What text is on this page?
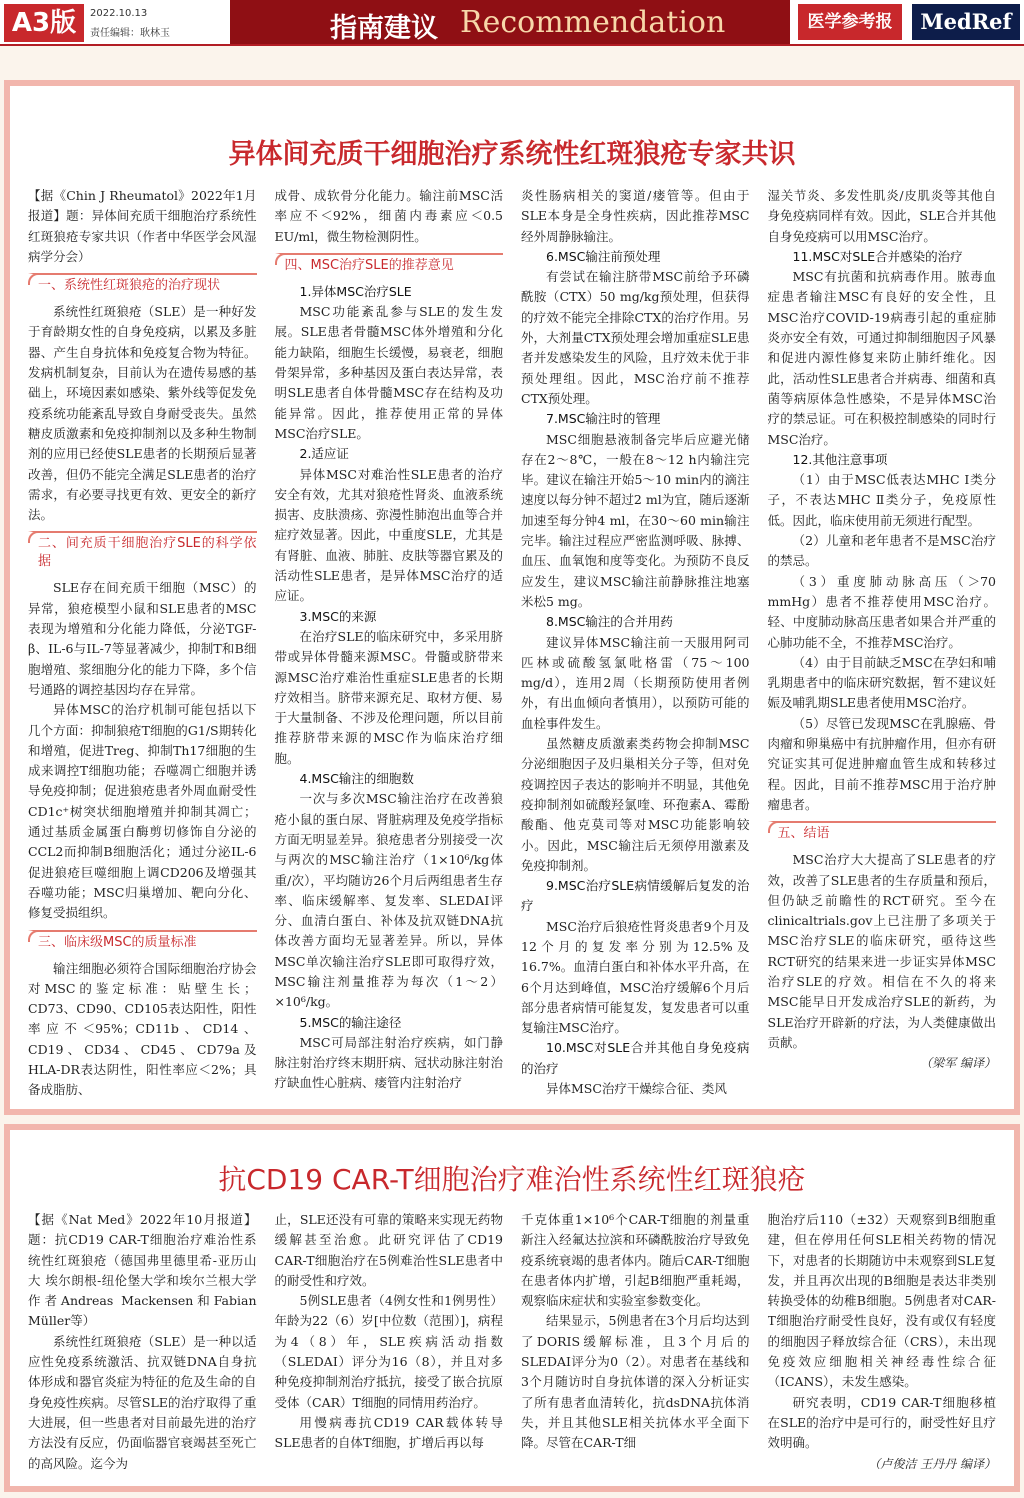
A3版	2022.10.13
责任编辑：耿林玉	指南建议 Recommendation	医学参考报	MedRef
异体间充质干细胞治疗系统性红斑狼疮专家共识

【据《Chin J Rheumatol》2022年1月报道】题：异体间充质干细胞治疗系统性红斑狼疮专家共识（作者中华医学会风湿病学分会）

一、系统性红斑狼疮的治疗现状

系统性红斑狼疮（SLE）是一种好发于育龄期女性的自身免疫病，以累及多脏器、产生自身抗体和免疫复合物为特征。发病机制复杂，目前认为在遗传易感的基础上，环境因素如感染、紫外线等促发免疫系统功能紊乱导致自身耐受丧失。虽然糖皮质激素和免疫抑制剂以及多种生物制剂的应用已经使SLE患者的长期预后显著改善，但仍不能完全满足SLE患者的治疗需求，有必要寻找更有效、更安全的新疗法。

二、间充质干细胞治疗SLE的科学依据

SLE存在间充质干细胞（MSC）的异常，狼疮模型小鼠和SLE患者的MSC表现为增殖和分化能力降低，分泌TGF-β、IL-6与IL-7等显著减少，抑制T和B细胞增殖、浆细胞分化的能力下降，多个信号通路的调控基因均存在异常。

异体MSC的治疗机制可能包括以下几个方面：抑制狼疮T细胞的G1/S期转化和增殖，促进Treg、抑制Th17细胞的生成来调控T细胞功能；吞噬凋亡细胞并诱导免疫抑制；促进狼疮患者外周血耐受性CD1c⁺树突状细胞增殖并抑制其凋亡；通过基质金属蛋白酶剪切修饰自分泌的CCL2而抑制B细胞活化；通过分泌IL-6促进狼疮巨噬细胞上调CD206及增强其吞噬功能；MSC归巢增加、靶向分化、修复受损组织。

三、临床级MSC的质量标准

输注细胞必须符合国际细胞治疗协会对MSC的鉴定标准：贴壁生长；CD73、CD90、CD105表达阳性，阳性率应不＜95%；CD11b、CD14、CD19、CD34、CD45、CD79a及HLA-DR表达阴性，阳性率应＜2%；具备成脂肪、

成骨、成软骨分化能力。输注前MSC活率应不＜92%，细菌内毒素应＜0.5 EU/ml，微生物检测阴性。

四、MSC治疗SLE的推荐意见

1.异体MSC治疗SLE

MSC功能紊乱参与SLE的发生发展。SLE患者骨髓MSC体外增殖和分化能力缺陷，细胞生长缓慢，易衰老，细胞骨架异常，多种基因及蛋白表达异常，表明SLE患者自体骨髓MSC存在结构及功能异常。因此，推荐使用正常的异体MSC治疗SLE。

2.适应证

异体MSC对难治性SLE患者的治疗安全有效，尤其对狼疮性肾炎、血液系统损害、皮肤溃疡、弥漫性肺泡出血等合并症疗效显著。因此，中重度SLE，尤其是有肾脏、血液、肺脏、皮肤等器官累及的活动性SLE患者，是异体MSC治疗的适应证。

3.MSC的来源

在治疗SLE的临床研究中，多采用脐带或异体骨髓来源MSC。骨髓或脐带来源MSC治疗难治性重症SLE患者的长期疗效相当。脐带来源充足、取材方便、易于大量制备、不涉及伦理问题，所以目前推荐脐带来源的MSC作为临床治疗细胞。

4.MSC输注的细胞数

一次与多次MSC输注治疗在改善狼疮小鼠的蛋白尿、肾脏病理及免疫学指标方面无明显差异。狼疮患者分别接受一次与两次的MSC输注治疗（1×10⁶/kg体重/次），平均随访26个月后两组患者生存率、临床缓解率、复发率、SLEDAI评分、血清白蛋白、补体及抗双链DNA抗体改善方面均无显著差异。所以，异体MSC单次输注治疗SLE即可取得疗效，MSC输注剂量推荐为每次（1～2）×10⁶/kg。

5.MSC的输注途径

MSC可局部注射治疗疾病，如门静脉注射治疗终末期肝病、冠状动脉注射治疗缺血性心脏病、瘘管内注射治疗

炎性肠病相关的窦道/瘘管等。但由于SLE本身是全身性疾病，因此推荐MSC经外周静脉输注。

6.MSC输注前预处理

有尝试在输注脐带MSC前给予环磷酰胺（CTX）50 mg/kg预处理，但获得的疗效不能完全排除CTX的治疗作用。另外，大剂量CTX预处理会增加重症SLE患者并发感染发生的风险，且疗效未优于非预处理组。因此，MSC治疗前不推荐CTX预处理。

7.MSC输注时的管理

MSC细胞悬液制备完毕后应避光储存在2～8℃，一般在8～12 h内输注完毕。建议在输注开始5～10 min内的滴注速度以每分钟不超过2 ml为宜，随后逐渐加速至每分钟4 ml，在30～60 min输注完毕。输注过程应严密监测呼吸、脉搏、血压、血氧饱和度等变化。为预防不良反应发生，建议MSC输注前静脉推注地塞米松5 mg。

8.MSC输注的合并用药

建议异体MSC输注前一天服用阿司匹林或硫酸氢氯吡格雷（75～100 mg/d），连用2周（长期预防使用者例外，有出血倾向者慎用），以预防可能的血栓事件发生。

虽然糖皮质激素类药物会抑制MSC分泌细胞因子及归巢相关分子等，但对免疫调控因子表达的影响并不明显，其他免疫抑制剂如硫酸羟氯喹、环孢素A、霉酚酸酯、他克莫司等对MSC功能影响较小。因此，MSC输注后无须停用激素及免疫抑制剂。

9.MSC治疗SLE病情缓解后复发的治疗

MSC治疗后狼疮性肾炎患者9个月及12个月的复发率分别为12.5%及16.7%。血清白蛋白和补体水平升高，在6个月达到峰值，MSC治疗缓解6个月后部分患者病情可能复发，复发患者可以重复输注MSC治疗。

10.MSC对SLE合并其他自身免疫病的治疗

异体MSC治疗干燥综合征、类风

湿关节炎、多发性肌炎/皮肌炎等其他自身免疫病同样有效。因此，SLE合并其他自身免疫病可以用MSC治疗。

11.MSC对SLE合并感染的治疗

MSC有抗菌和抗病毒作用。脓毒血症患者输注MSC有良好的安全性，且MSC治疗COVID-19病毒引起的重症肺炎亦安全有效，可通过抑制细胞因子风暴和促进内源性修复来防止肺纤维化。因此，活动性SLE患者合并病毒、细菌和真菌等病原体急性感染，不是异体MSC治疗的禁忌证。可在积极控制感染的同时行MSC治疗。

12.其他注意事项

（1）由于MSC低表达MHC Ⅰ类分子，不表达MHC Ⅱ类分子，免疫原性低。因此，临床使用前无须进行配型。

（2）儿童和老年患者不是MSC治疗的禁忌。

（3）重度肺动脉高压（＞70 mmHg）患者不推荐使用MSC治疗。轻、中度肺动脉高压患者如果合并严重的心肺功能不全，不推荐MSC治疗。

（4）由于目前缺乏MSC在孕妇和哺乳期患者中的临床研究数据，暂不建议妊娠及哺乳期SLE患者使用MSC治疗。

（5）尽管已发现MSC在乳腺癌、骨肉瘤和卵巢癌中有抗肿瘤作用，但亦有研究证实其可促进肿瘤血管生成和转移过程。因此，目前不推荐MSC用于治疗肿瘤患者。

五、结语

MSC治疗大大提高了SLE患者的疗效，改善了SLE患者的生存质量和预后，但仍缺乏前瞻性的RCT研究。至今在clinicaltrials.gov上已注册了多项关于MSC治疗SLE的临床研究，亟待这些RCT研究的结果来进一步证实异体MSC治疗SLE的疗效。相信在不久的将来MSC能早日开发成治疗SLE的新药，为SLE治疗开辟新的疗法，为人类健康做出贡献。

（梁军 编译）

抗CD19 CAR-T细胞治疗难治性系统性红斑狼疮

【据《Nat Med》2022年10月报道】题：抗CD19 CAR-T细胞治疗难治性系统性红斑狼疮（德国弗里德里希-亚历山大 埃尔朗根-纽伦堡大学和埃尔兰根大学 作者Andreas Mackensen和Fabian Müller等）

系统性红斑狼疮（SLE）是一种以适应性免疫系统激活、抗双链DNA自身抗体形成和器官炎症为特征的危及生命的自身免疫性疾病。尽管SLE的治疗取得了重大进展，但一些患者对目前最先进的治疗方法没有反应，仍面临器官衰竭甚至死亡的高风险。迄今为

止，SLE还没有可靠的策略来实现无药物缓解甚至治愈。此研究评估了CD19 CAR-T细胞治疗在5例难治性SLE患者中的耐受性和疗效。

5例SLE患者（4例女性和1例男性）年龄为22（6）岁[中位数（范围）]，病程为4（8）年，SLE疾病活动指数（SLEDAI）评分为16（8），并且对多种免疫抑制剂治疗抵抗，接受了嵌合抗原受体（CAR）T细胞的同情用药治疗。

用慢病毒抗CD19 CAR载体转导SLE患者的自体T细胞，扩增后再以每

千克体重1×10⁶个CAR-T细胞的剂量重新注入经氟达拉滨和环磷酰胺治疗导致免疫系统衰竭的患者体内。随后CAR-T细胞在患者体内扩增，引起B细胞严重耗竭，观察临床症状和实验室参数变化。

结果显示，5例患者在3个月后均达到了DORIS缓解标准，且3个月后的SLEDAI评分为0（2）。对患者在基线和3个月随访时自身抗体谱的深入分析证实了所有患者血清转化，抗dsDNA抗体消失，并且其他SLE相关抗体水平全面下降。尽管在CAR-T细

胞治疗后110（±32）天观察到B细胞重建，但在停用任何SLE相关药物的情况下，对患者的长期随访中未观察到SLE复发，并且再次出现的B细胞是表达非类别转换受体的幼稚B细胞。5例患者对CAR-T细胞治疗耐受性良好，没有或仅有轻度的细胞因子释放综合征（CRS），未出现免疫效应细胞相关神经毒性综合征（ICANS），未发生感染。

研究表明，CD19 CAR-T细胞移植在SLE的治疗中是可行的，耐受性好且疗效明确。

（卢俊洁 王丹丹 编译）
